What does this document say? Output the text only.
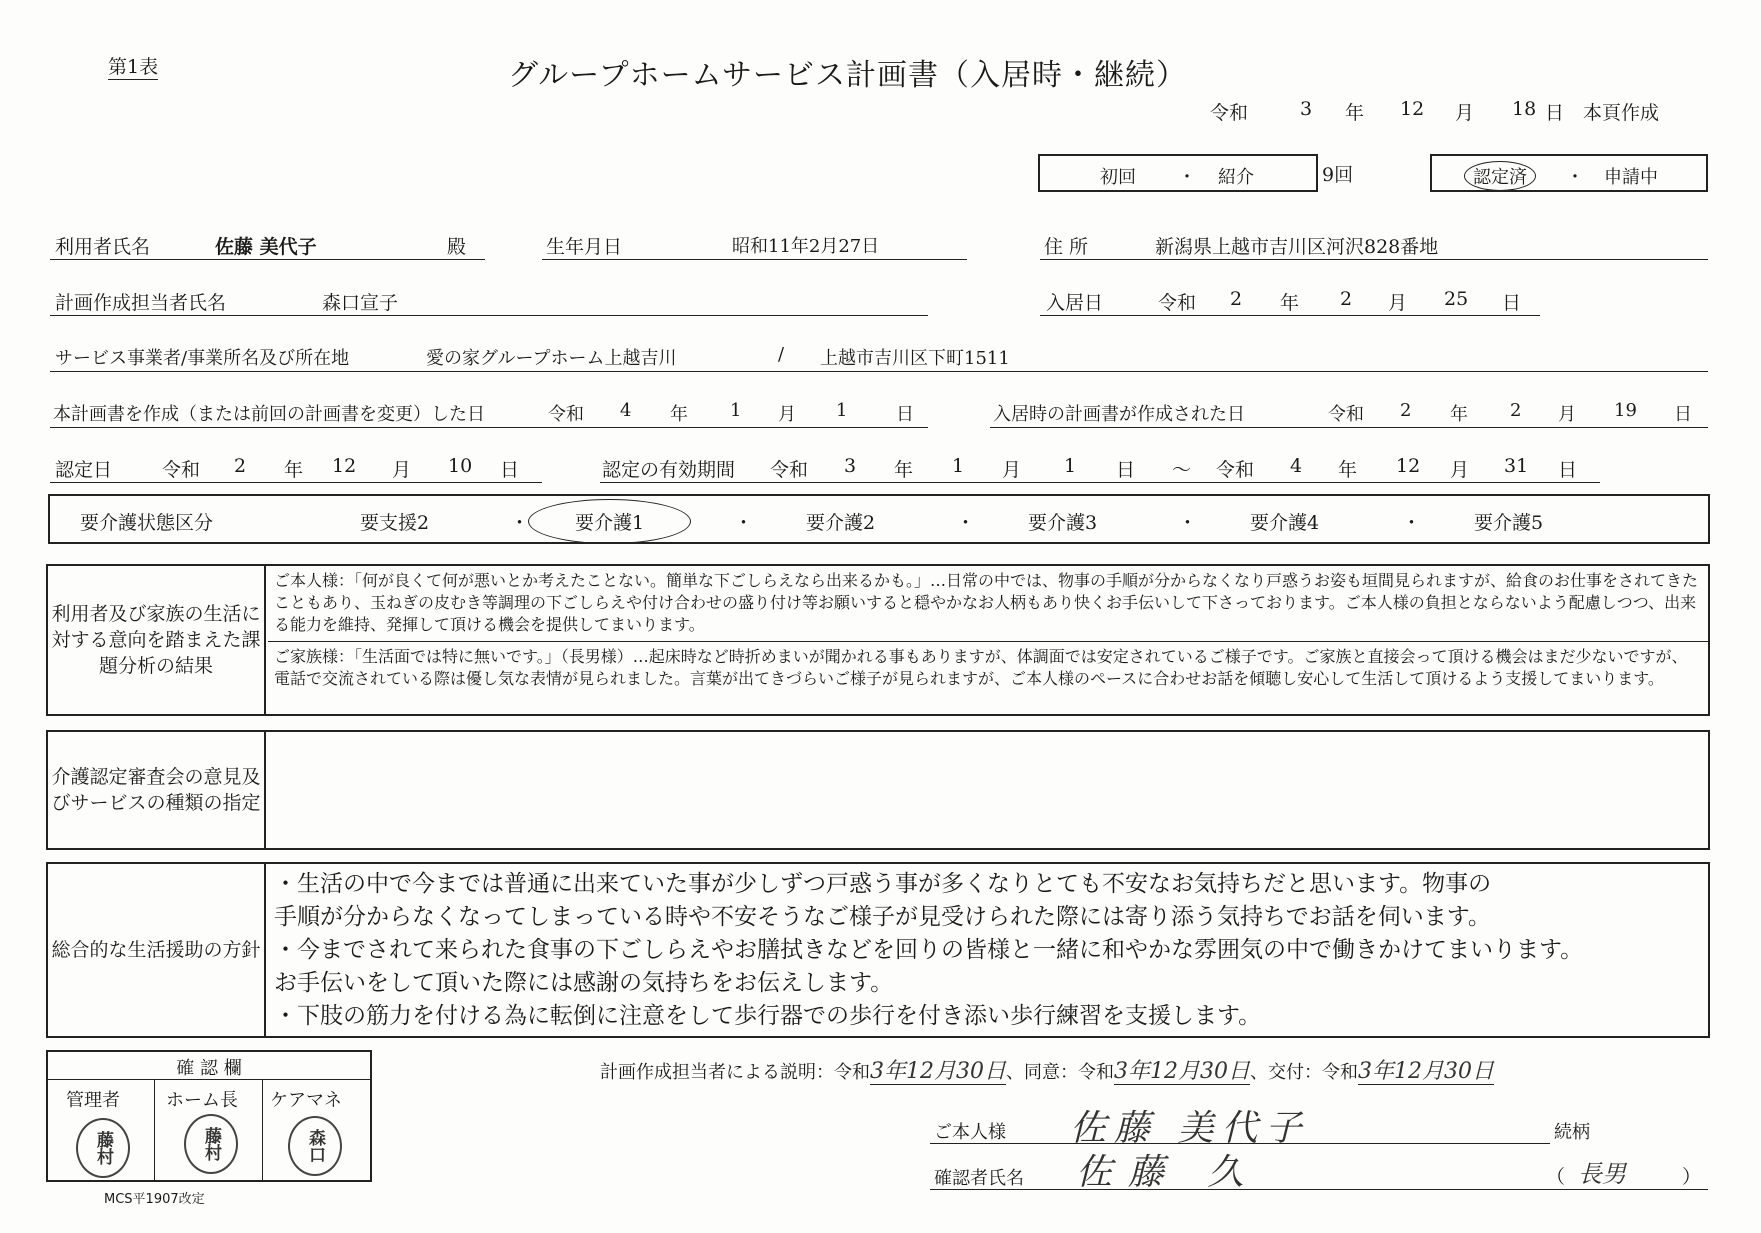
第1表	グループホームサービス計画書（入居時・継続）
令和	3 年 12 月 18 日 本頁作成
初回 ・ 紹介	9回	認定済	・ 申請中
利用者氏名	佐藤 美代子	殿	生年月日	昭和11年2月27日	住 所	新潟県上越市吉川区河沢828番地
計画作成担当者氏名	森口宣子	入居日	令和 2 年 2 月 25 日
サービス事業者/事業所名及び所在地	愛の家グループホーム上越吉川	/ 上越市吉川区下町1511
本計画書を作成（または前回の計画書を変更）した日	令和 4 年 1 月 1	日	入居時の計画書が作成された日	令和 2 年 2 月 19 日
認定日	令和 2 年 12 月 10 日	認定の有効期間 令和 3 年 1 月 1 日 ～ 令和 4 年 12 月 31 日
要介護状態区分	要支援2	・	要介護1	・	要介護2	・	要介護3	・	要介護4	・	要介護5
利用者及び家族の生活に対する意向を踏まえた課題分析の結果
ご本人様：「何が良くて何が悪いとか考えたことない。簡単な下ごしらえなら出来るかも。」…日常の中では、物事の手順が分からなくなり戸惑うお姿も垣間見られますが、給食のお仕事をされてきたこともあり、玉ねぎの皮むき等調理の下ごしらえや付け合わせの盛り付け等お願いすると穏やかなお人柄もあり快くお手伝いして下さっております。ご本人様の負担とならないよう配慮しつつ、出来る能力を維持、発揮して頂ける機会を提供してまいります。
ご家族様：「生活面では特に無いです。」（長男様）…起床時など時折めまいが聞かれる事もありますが、体調面では安定されているご様子です。ご家族と直接会って頂ける機会はまだ少ないですが、電話で交流されている際は優し気な表情が見られました。言葉が出てきづらいご様子が見られますが、ご本人様のペースに合わせお話を傾聴し安心して生活して頂けるよう支援してまいります。
介護認定審査会の意見及びサービスの種類の指定
総合的な生活援助の方針
・生活の中で今までは普通に出来ていた事が少しずつ戸惑う事が多くなりとても不安なお気持ちだと思います。物事の
手順が分からなくなってしまっている時や不安そうなご様子が見受けられた際には寄り添う気持ちでお話を伺います。
・今までされて来られた食事の下ごしらえやお膳拭きなどを回りの皆様と一緒に和やかな雰囲気の中で働きかけてまいります。
お手伝いをして頂いた際には感謝の気持ちをお伝えします。
・下肢の筋力を付ける為に転倒に注意をして歩行器での歩行を付き添い歩行練習を支援します。
確 認 欄
管理者	ホーム長 ケアマネ
藤村	藤村	森口
MCS平1907改定
計画作成担当者による説明：令和3年12月30日、同意：令和3年12月30日、交付：令和3年12月30日
ご本人様 佐藤 美代子	続柄
確認者氏名 佐藤 久	（ 長男	）
